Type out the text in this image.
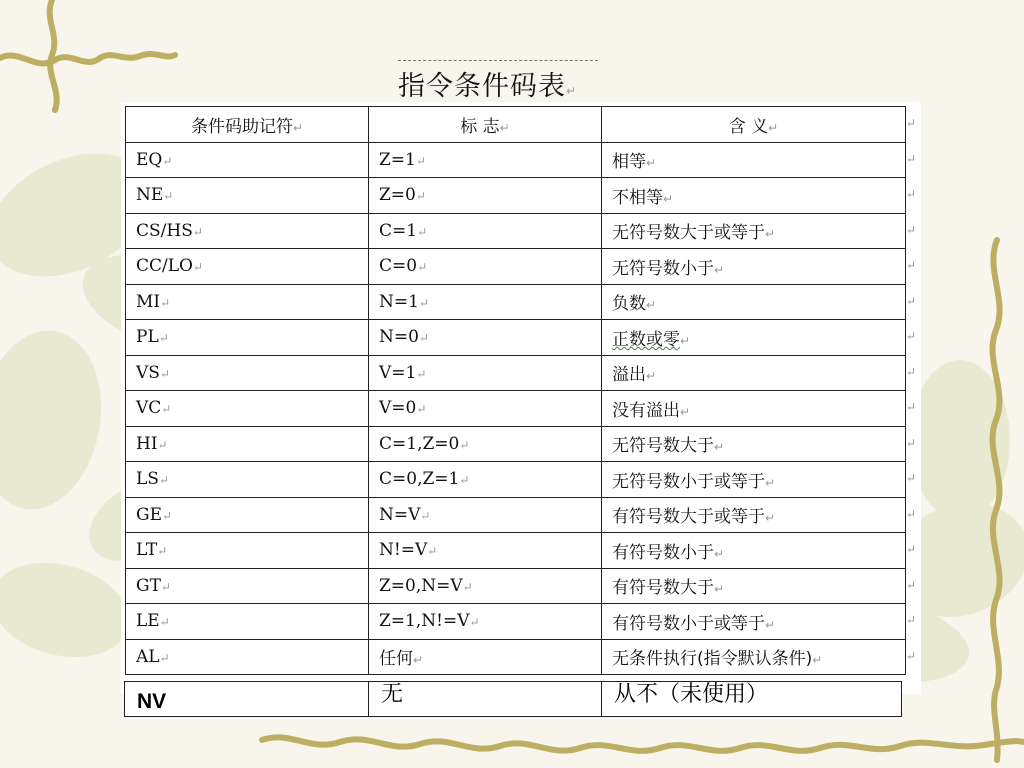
指令条件码表↵
条件码助记符↵	标 志↵	含 义↵
EQ↵	Z=1↵	相等↵
NE↵	Z=0↵	不相等↵
CS/HS↵	C=1↵	无符号数大于或等于↵
CC/LO↵	C=0↵	无符号数小于↵
MI↵	N=1↵	负数↵
PL↵	N=0↵	正数或零↵
VS↵	V=1↵	溢出↵
VC↵	V=0↵	没有溢出↵
HI↵	C=1,Z=0↵	无符号数大于↵
LS↵	C=0,Z=1↵	无符号数小于或等于↵
GE↵	N=V↵	有符号数大于或等于↵
LT↵	N!=V↵	有符号数小于↵
GT↵	Z=0,N=V↵	有符号数大于↵
LE↵	Z=1,N!=V↵	有符号数小于或等于↵
AL↵	任何↵	无条件执行(指令默认条件)↵
↵
↵
↵
↵
↵
↵
↵
↵
↵
↵
↵
↵
↵
↵
↵
↵
NV	无	从不（未使用）
